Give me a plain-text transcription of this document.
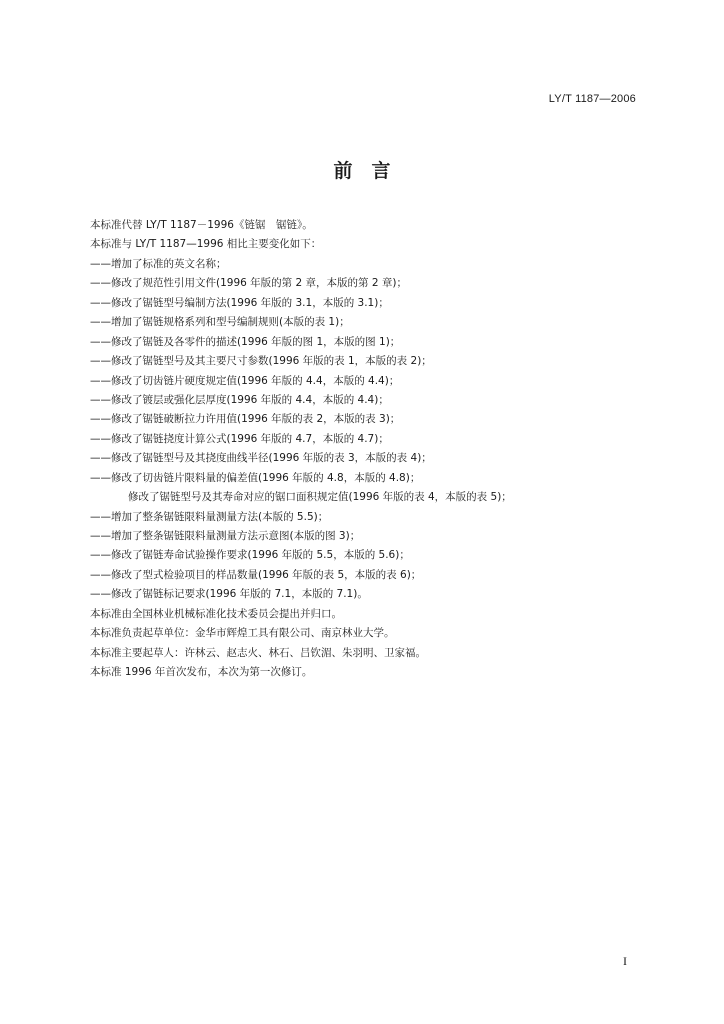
LY/T 1187—2006
前　言
本标准代替 LY/T 1187－1996《链锯　锯链》。
本标准与 LY/T 1187—1996 相比主要变化如下：
——增加了标准的英文名称；
——修改了规范性引用文件(1996 年版的第 2 章，本版的第 2 章)；
——修改了锯链型号编制方法(1996 年版的 3.1，本版的 3.1)；
——增加了锯链规格系列和型号编制规则(本版的表 1)；
——修改了锯链及各零件的描述(1996 年版的图 1，本版的图 1)；
——修改了锯链型号及其主要尺寸参数(1996 年版的表 1，本版的表 2)；
——修改了切齿链片硬度规定值(1996 年版的 4.4，本版的 4.4)；
——修改了镀层或强化层厚度(1996 年版的 4.4，本版的 4.4)；
——修改了锯链破断拉力许用值(1996 年版的表 2，本版的表 3)；
——修改了锯链挠度计算公式(1996 年版的 4.7，本版的 4.7)；
——修改了锯链型号及其挠度曲线半径(1996 年版的表 3，本版的表 4)；
——修改了切齿链片限料量的偏差值(1996 年版的 4.8，本版的 4.8)；
修改了锯链型号及其寿命对应的锯口面积规定值(1996 年版的表 4，本版的表 5)；
——增加了整条锯链限料量测量方法(本版的 5.5)；
——增加了整条锯链限料量测量方法示意图(本版的图 3)；
——修改了锯链寿命试验操作要求(1996 年版的 5.5，本版的 5.6)；
——修改了型式检验项目的样品数量(1996 年版的表 5，本版的表 6)；
——修改了锯链标记要求(1996 年版的 7.1，本版的 7.1)。
本标准由全国林业机械标准化技术委员会提出并归口。
本标准负责起草单位：金华市辉煌工具有限公司、南京林业大学。
本标准主要起草人：许林云、赵志火、林石、吕钦湄、朱羽明、卫家福。
本标准 1996 年首次发布，本次为第一次修订。
I
